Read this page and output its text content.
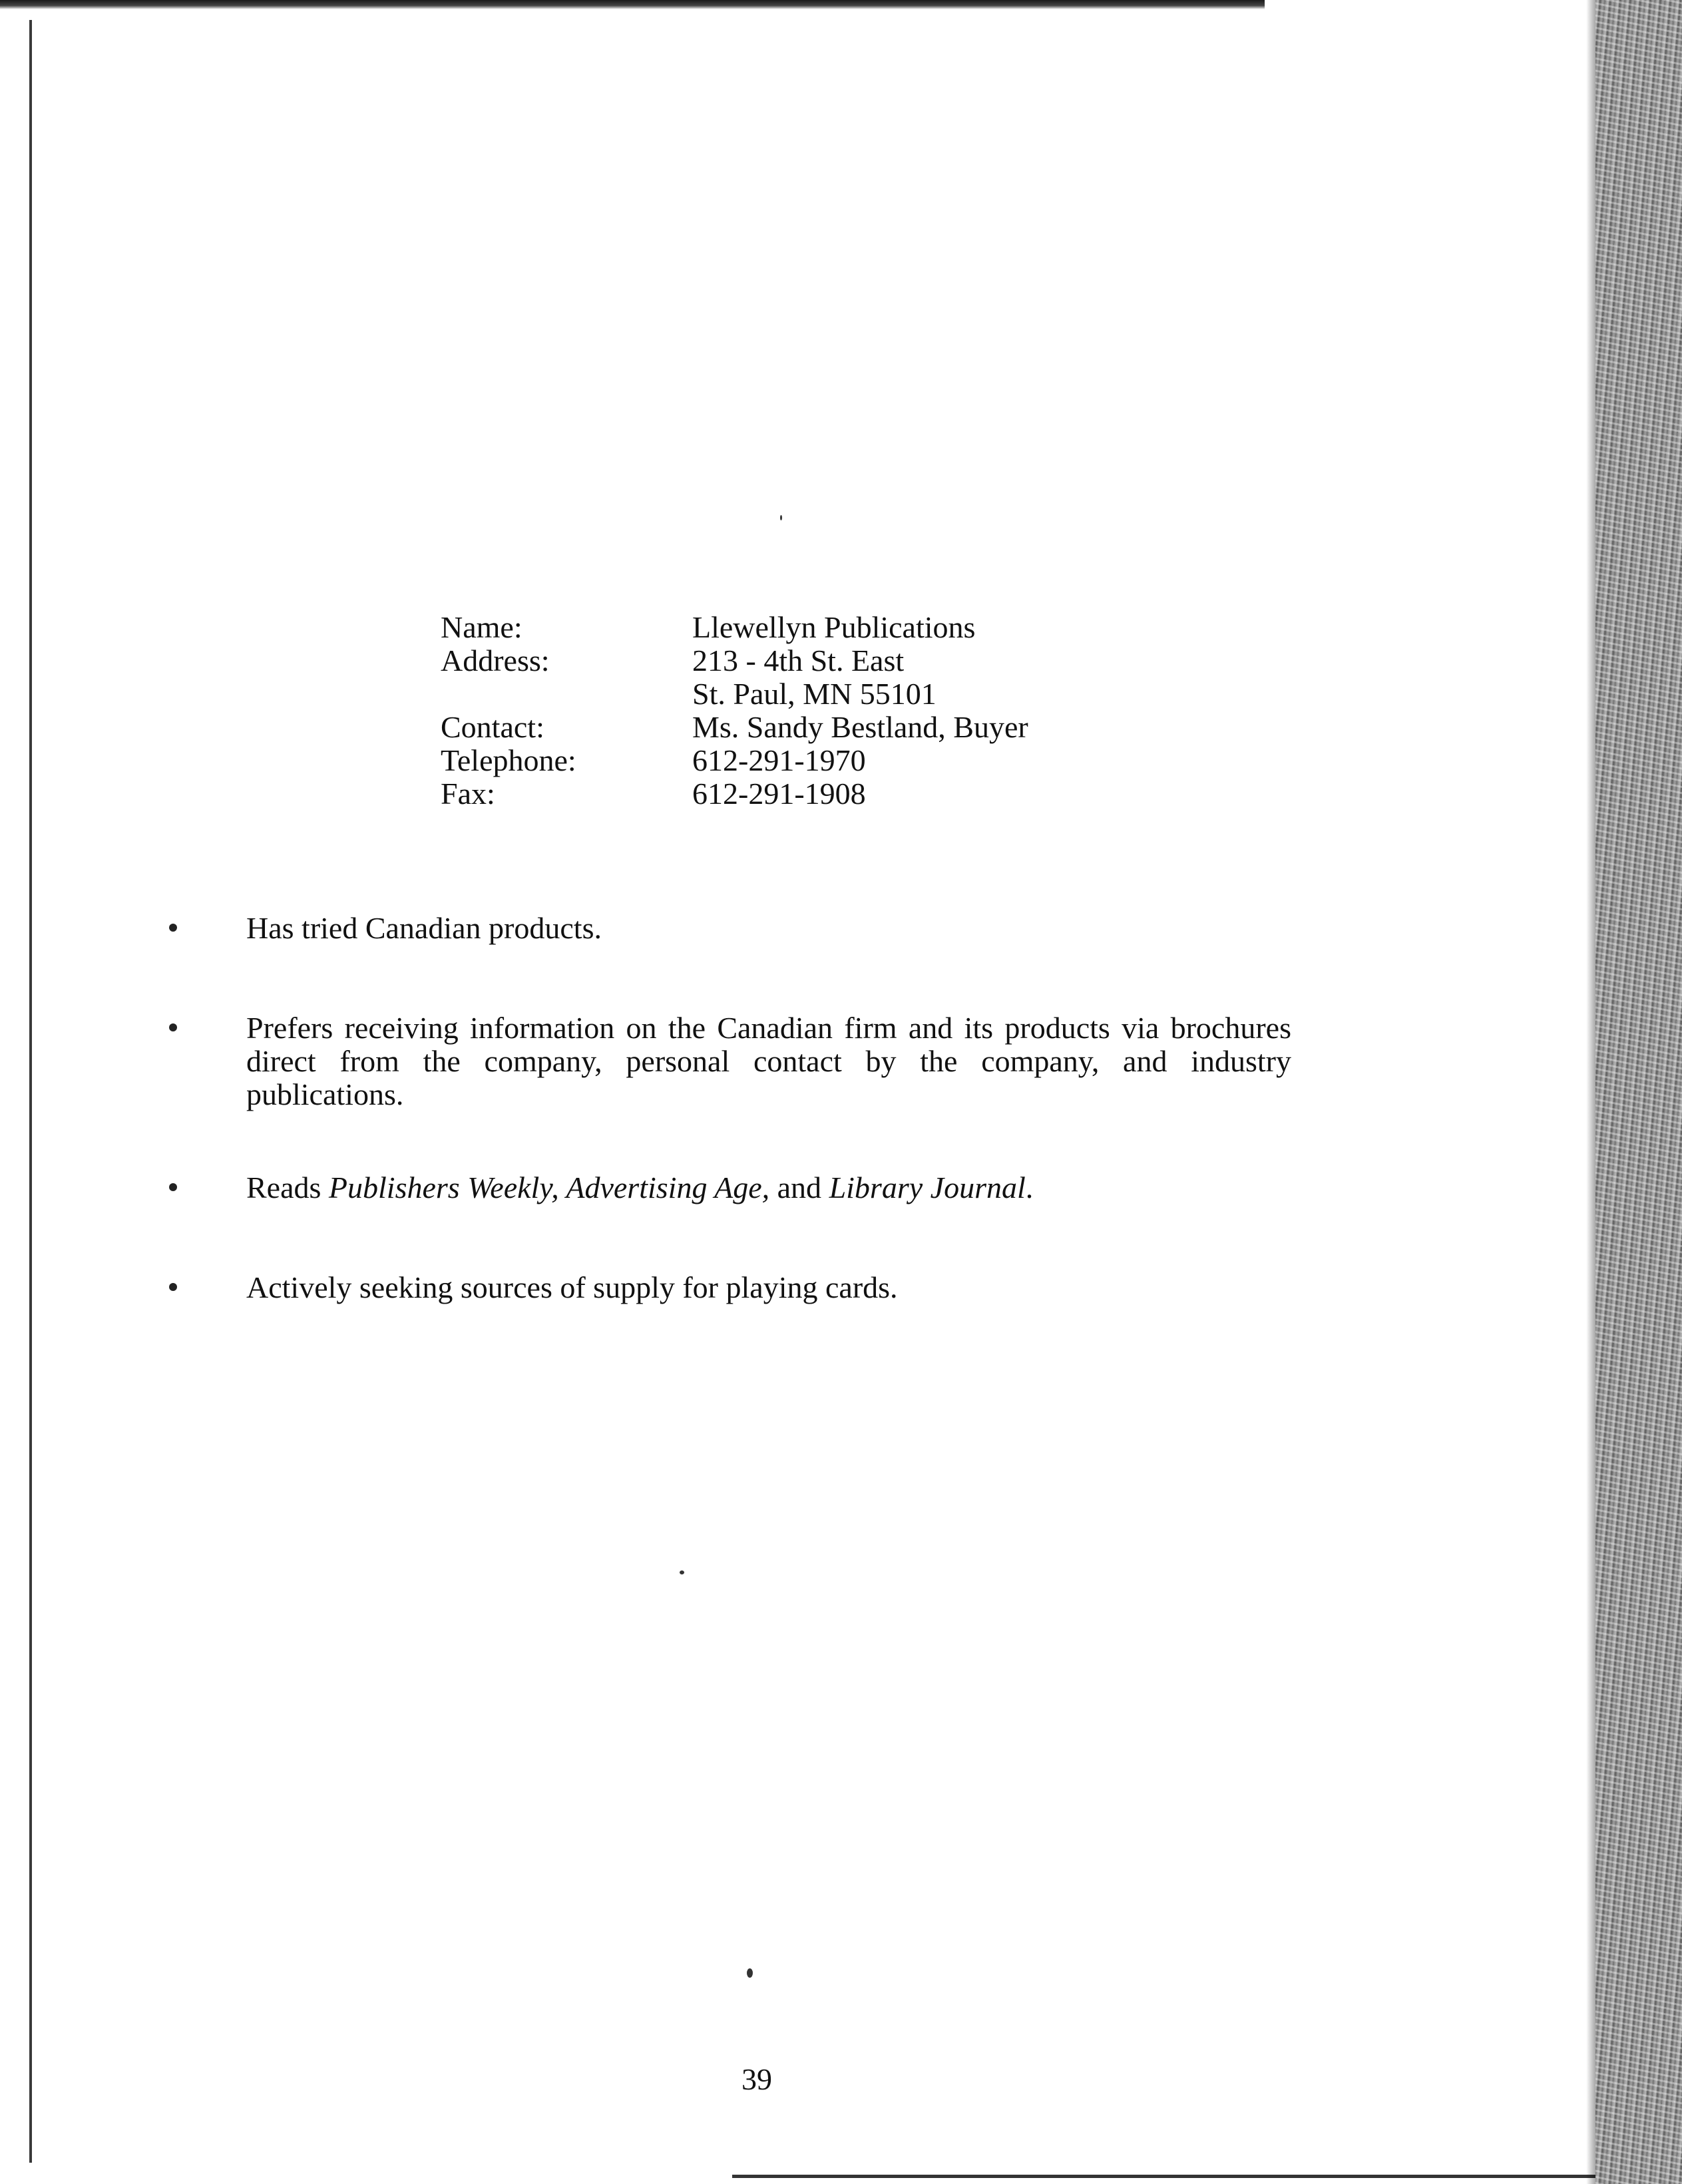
Name:	Llewellyn Publications
Address:	213 - 4th St. East
St. Paul, MN 55101
Contact:	Ms. Sandy Bestland, Buyer
Telephone:	612-291-1970
Fax:	612-291-1908
Has tried Canadian products.
Prefers receiving information on the Canadian firm and its products via brochures direct from the company, personal contact by the company, and industry publications.
Reads Publishers Weekly, Advertising Age, and Library Journal.
Actively seeking sources of supply for playing cards.
39
